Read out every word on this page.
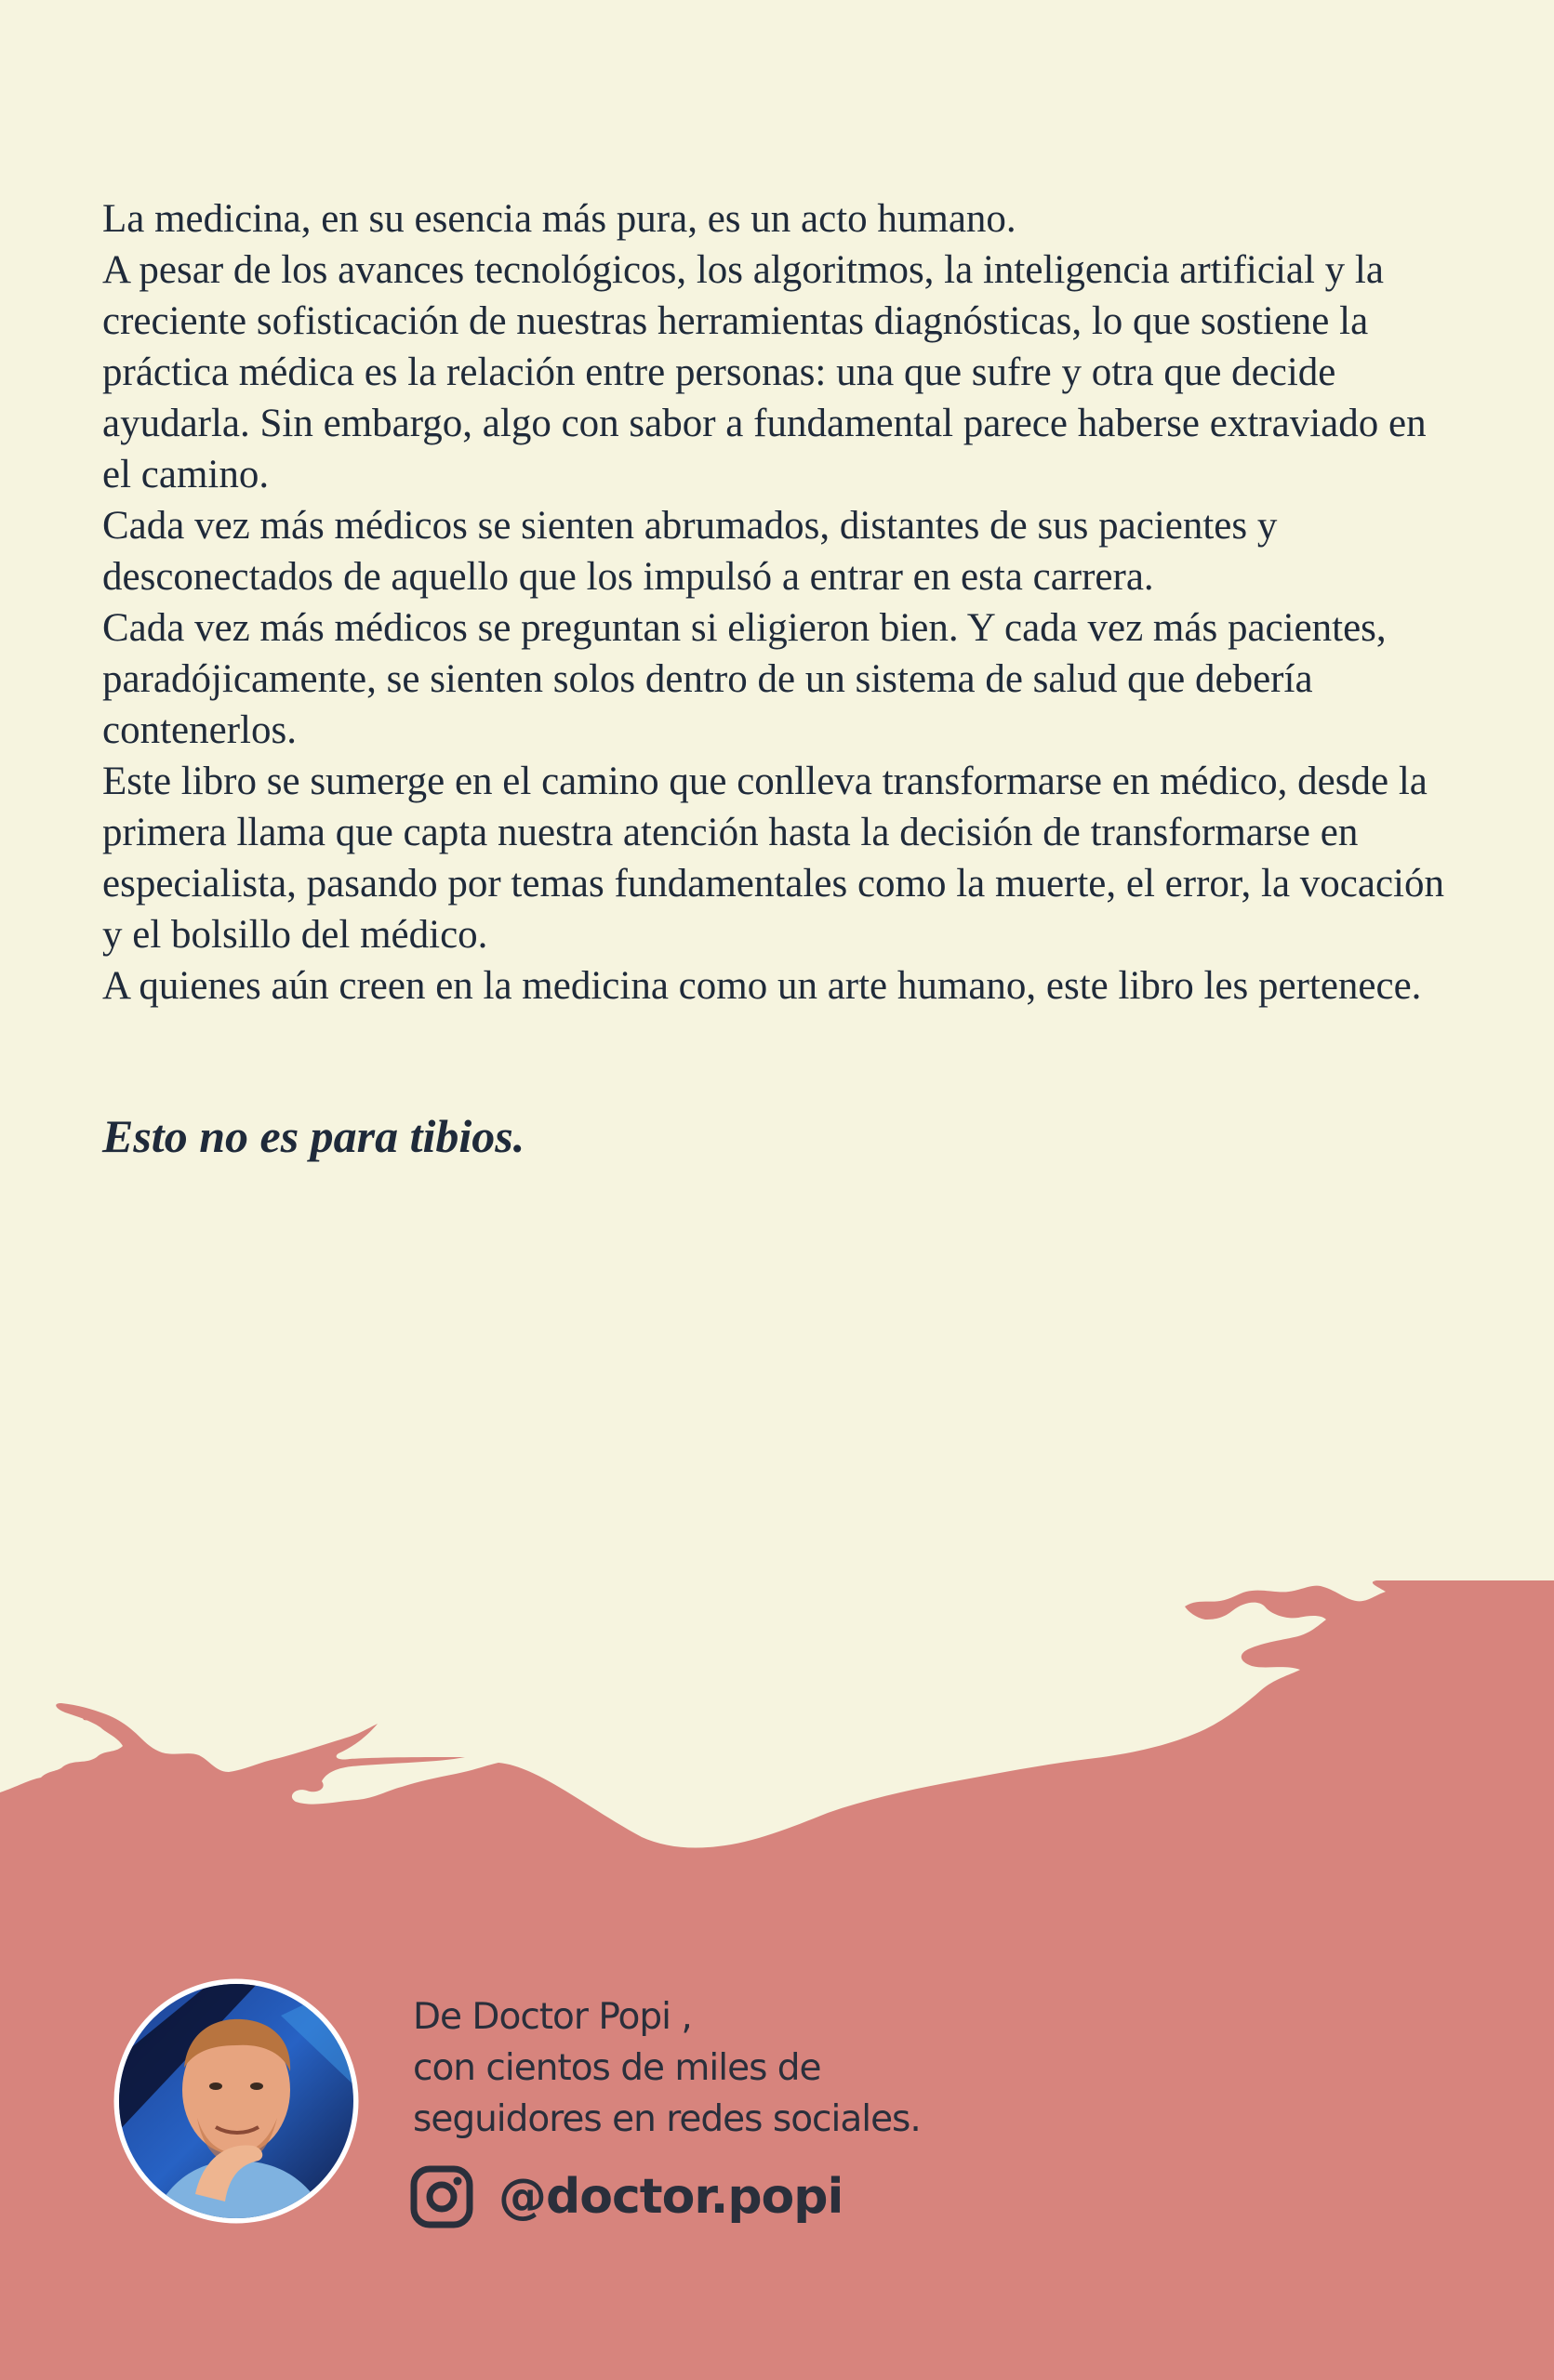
La medicina, en su esencia más pura, es un acto humano.

A pesar de los avances tecnológicos, los algoritmos, la inteligencia artificial y la creciente sofisticación de nuestras herramientas diagnósticas, lo que sostiene la práctica médica es la relación entre personas: una que sufre y otra que decide ayudarla. Sin embargo, algo con sabor a fundamental parece haberse extraviado en el camino.

Cada vez más médicos se sienten abrumados, distantes de sus pacientes y desconectados de aquello que los impulsó a entrar en esta carrera.

Cada vez más médicos se preguntan si eligieron bien. Y cada vez más pacientes, paradójicamente, se sienten solos dentro de un sistema de salud que debería contenerlos.

Este libro se sumerge en el camino que conlleva transformarse en médico, desde la primera llama que capta nuestra atención hasta la decisión de transformarse en especialista, pasando por temas fundamentales como la muerte, el error, la vocación y el bolsillo del médico.

A quienes aún creen en la medicina como un arte humano, este libro les pertenece.

Esto no es para tibios.

De Doctor Popi ,
con cientos de miles de
seguidores en redes sociales.
@doctor.popi
